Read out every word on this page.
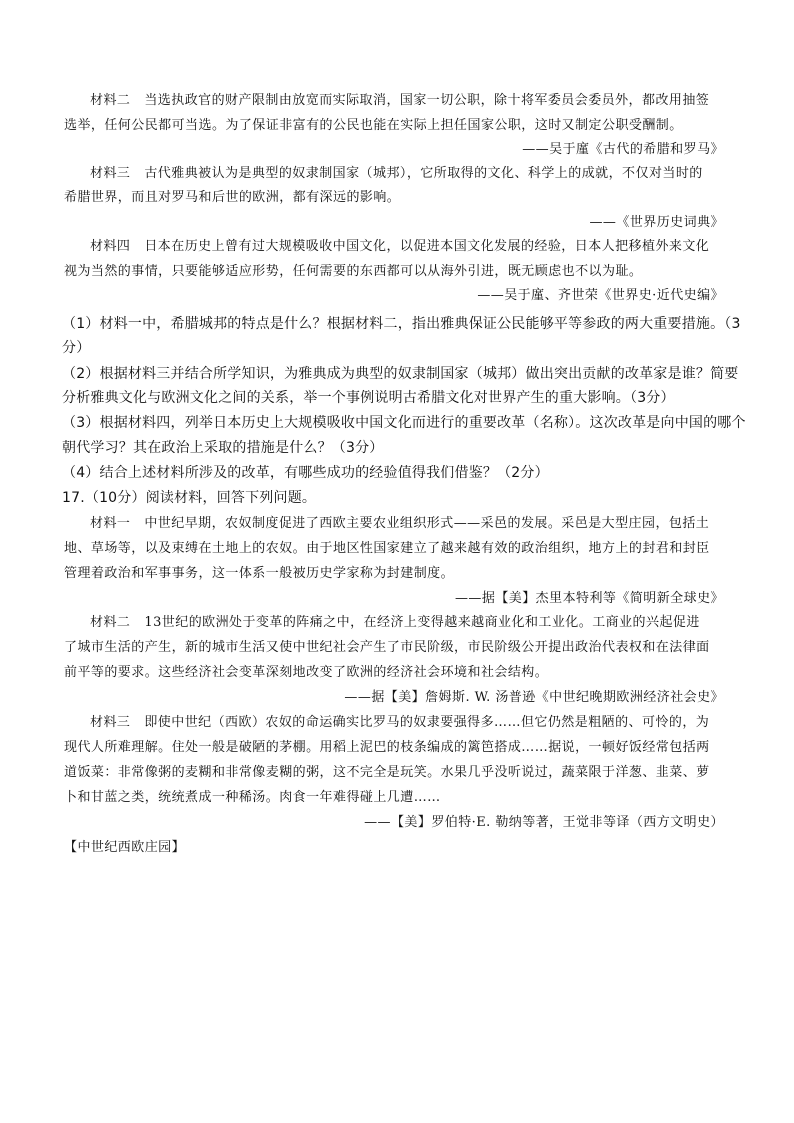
材料二 当选执政官的财产限制由放宽而实际取消，国家一切公职，除十将军委员会委员外，都改用抽签

选举，任何公民都可当选。为了保证非富有的公民也能在实际上担任国家公职，这时又制定公职受酬制。

——吴于廑《古代的希腊和罗马》

材料三 古代雅典被认为是典型的奴隶制国家（城邦），它所取得的文化、科学上的成就，不仅对当时的

希腊世界，而且对罗马和后世的欧洲，都有深远的影响。

——《世界历史词典》

材料四 日本在历史上曾有过大规模吸收中国文化，以促进本国文化发展的经验，日本人把移植外来文化

视为当然的事情，只要能够适应形势，任何需要的东西都可以从海外引进，既无顾虑也不以为耻。

——吴于廑、齐世荣《世界史·近代史编》

（1）材料一中，希腊城邦的特点是什么？根据材料二，指出雅典保证公民能够平等参政的两大重要措施。（3

分）

（2）根据材料三并结合所学知识，为雅典成为典型的奴隶制国家（城邦）做出突出贡献的改革家是谁？简要

分析雅典文化与欧洲文化之间的关系，举一个事例说明古希腊文化对世界产生的重大影响。（3分）

（3）根据材料四，列举日本历史上大规模吸收中国文化而进行的重要改革（名称）。这次改革是向中国的哪个

朝代学习？其在政治上采取的措施是什么？（3分）

（4）结合上述材料所涉及的改革，有哪些成功的经验值得我们借鉴？（2分）

17.（10分）阅读材料，回答下列问题。

材料一 中世纪早期，农奴制度促进了西欧主要农业组织形式——采邑的发展。采邑是大型庄园，包括土

地、草场等，以及束缚在土地上的农奴。由于地区性国家建立了越来越有效的政治组织，地方上的封君和封臣

管理着政治和军事事务，这一体系一般被历史学家称为封建制度。

——据【美】杰里本特利等《简明新全球史》

材料二 13世纪的欧洲处于变革的阵痛之中，在经济上变得越来越商业化和工业化。工商业的兴起促进

了城市生活的产生，新的城市生活又使中世纪社会产生了市民阶级，市民阶级公开提出政治代表权和在法律面

前平等的要求。这些经济社会变革深刻地改变了欧洲的经济社会环境和社会结构。

——据【美】詹姆斯. W. 汤普逊《中世纪晚期欧洲经济社会史》

材料三 即使中世纪（西欧）农奴的命运确实比罗马的奴隶要强得多……但它仍然是粗陋的、可怜的，为

现代人所难理解。住处一般是破陋的茅棚。用稻上泥巴的枝条编成的篱笆搭成……据说，一顿好饭经常包括两

道饭菜：非常像粥的麦糊和非常像麦糊的粥，这不完全是玩笑。水果几乎没听说过，蔬菜限于洋葱、韭菜、萝

卜和甘蓝之类，统统煮成一种稀汤。肉食一年难得碰上几遭……

——【美】罗伯特·E. 勒纳等著，王觉非等译（西方文明史）

【中世纪西欧庄园】
